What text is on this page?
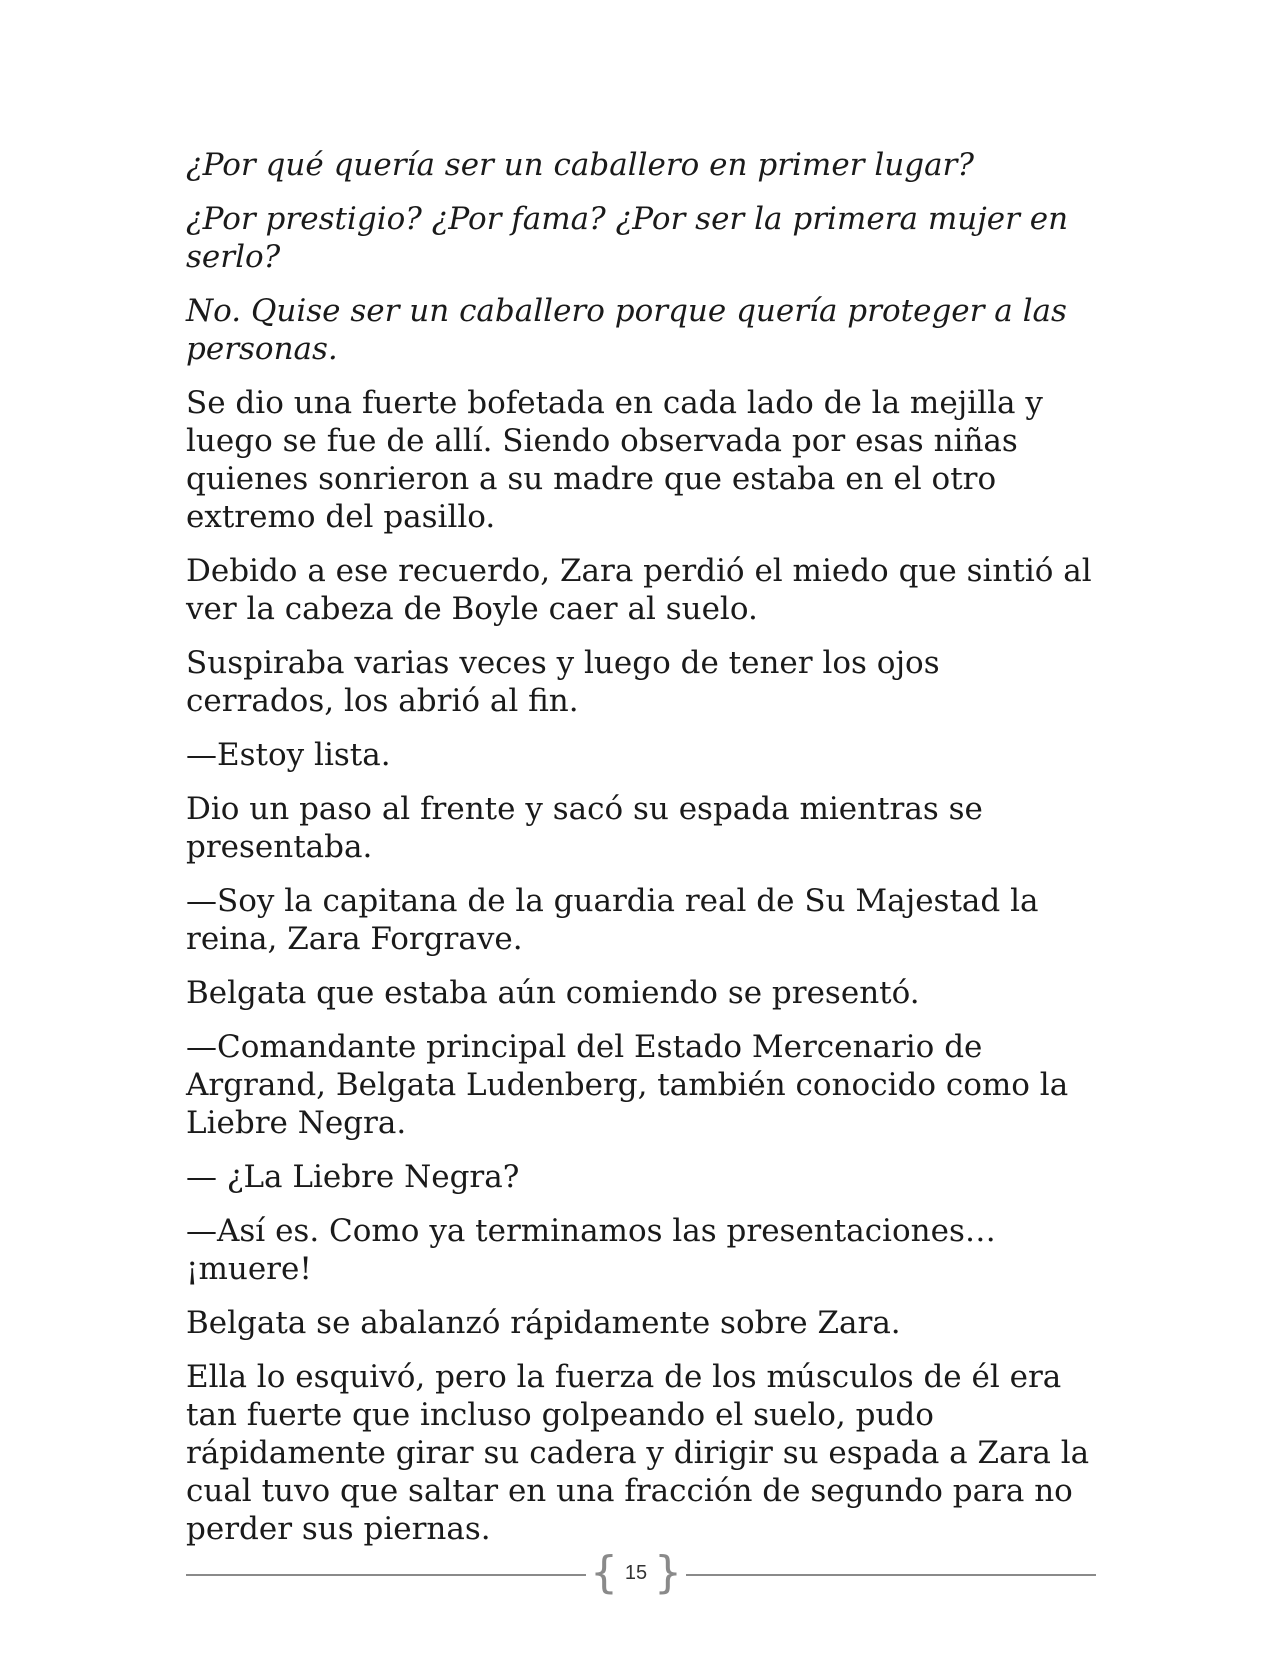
¿Por qué quería ser un caballero en primer lugar?

¿Por prestigio? ¿Por fama? ¿Por ser la primera mujer en serlo?

No. Quise ser un caballero porque quería proteger a las personas.

Se dio una fuerte bofetada en cada lado de la mejilla y luego se fue de allí. Siendo observada por esas niñas quienes sonrieron a su madre que estaba en el otro extremo del pasillo.

Debido a ese recuerdo, Zara perdió el miedo que sintió al ver la cabeza de Boyle caer al suelo.

Suspiraba varias veces y luego de tener los ojos cerrados, los abrió al fin.

—Estoy lista.

Dio un paso al frente y sacó su espada mientras se presentaba.

—Soy la capitana de la guardia real de Su Majestad la reina, Zara Forgrave.

Belgata que estaba aún comiendo se presentó.

—Comandante principal del Estado Mercenario de Argrand, Belgata Ludenberg, también conocido como la Liebre Negra.

— ¿La Liebre Negra?

—Así es. Como ya terminamos las presentaciones… ¡muere!

Belgata se abalanzó rápidamente sobre Zara.

Ella lo esquivó, pero la fuerza de los músculos de él era tan fuerte que incluso golpeando el suelo, pudo rápidamente girar su cadera y dirigir su espada a Zara la cual tuvo que saltar en una fracción de segundo para no perder sus piernas.

{ 15 }
